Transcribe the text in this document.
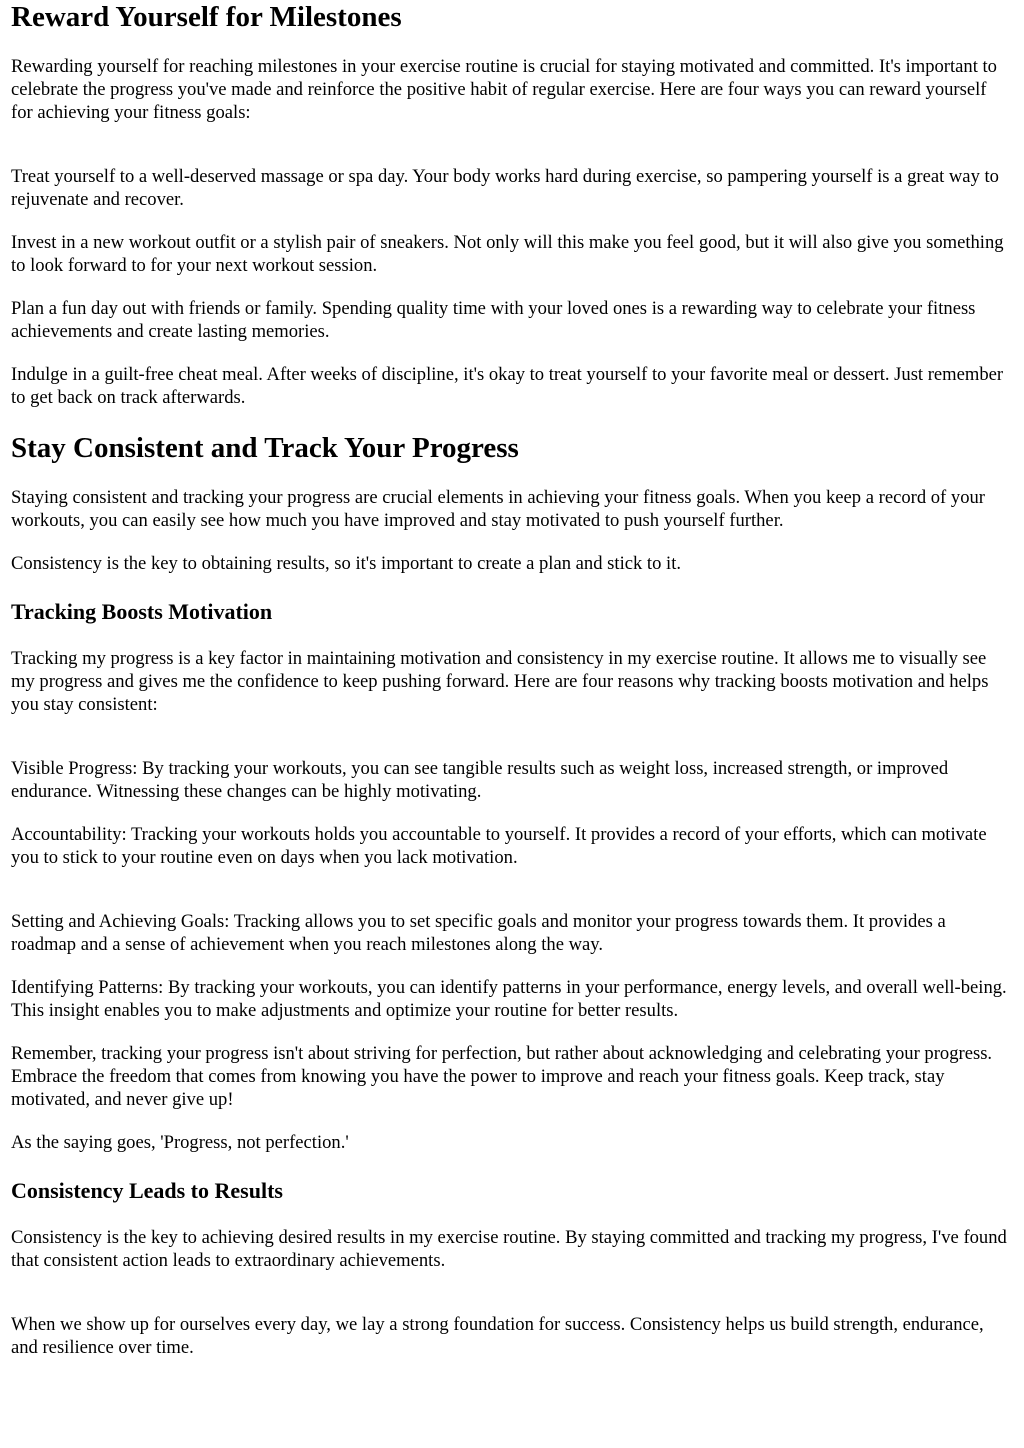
Reward Yourself for Milestones

Rewarding yourself for reaching milestones in your exercise routine is crucial for staying motivated and committed. It's important to celebrate the progress you've made and reinforce the positive habit of regular exercise. Here are four ways you can reward yourself for achieving your fitness goals:

Treat yourself to a well-deserved massage or spa day. Your body works hard during exercise, so pampering yourself is a great way to rejuvenate and recover.

Invest in a new workout outfit or a stylish pair of sneakers. Not only will this make you feel good, but it will also give you something to look forward to for your next workout session.

Plan a fun day out with friends or family. Spending quality time with your loved ones is a rewarding way to celebrate your fitness achievements and create lasting memories.

Indulge in a guilt-free cheat meal. After weeks of discipline, it's okay to treat yourself to your favorite meal or dessert. Just remember to get back on track afterwards.

Stay Consistent and Track Your Progress

Staying consistent and tracking your progress are crucial elements in achieving your fitness goals. When you keep a record of your workouts, you can easily see how much you have improved and stay motivated to push yourself further.

Consistency is the key to obtaining results, so it's important to create a plan and stick to it.

Tracking Boosts Motivation

Tracking my progress is a key factor in maintaining motivation and consistency in my exercise routine. It allows me to visually see my progress and gives me the confidence to keep pushing forward. Here are four reasons why tracking boosts motivation and helps you stay consistent:

Visible Progress: By tracking your workouts, you can see tangible results such as weight loss, increased strength, or improved endurance. Witnessing these changes can be highly motivating.

Accountability: Tracking your workouts holds you accountable to yourself. It provides a record of your efforts, which can motivate you to stick to your routine even on days when you lack motivation.

Setting and Achieving Goals: Tracking allows you to set specific goals and monitor your progress towards them. It provides a roadmap and a sense of achievement when you reach milestones along the way.

Identifying Patterns: By tracking your workouts, you can identify patterns in your performance, energy levels, and overall well-being. This insight enables you to make adjustments and optimize your routine for better results.

Remember, tracking your progress isn't about striving for perfection, but rather about acknowledging and celebrating your progress. Embrace the freedom that comes from knowing you have the power to improve and reach your fitness goals. Keep track, stay motivated, and never give up!

As the saying goes, 'Progress, not perfection.'

Consistency Leads to Results

Consistency is the key to achieving desired results in my exercise routine. By staying committed and tracking my progress, I've found that consistent action leads to extraordinary achievements.

When we show up for ourselves every day, we lay a strong foundation for success. Consistency helps us build strength, endurance, and resilience over time.
